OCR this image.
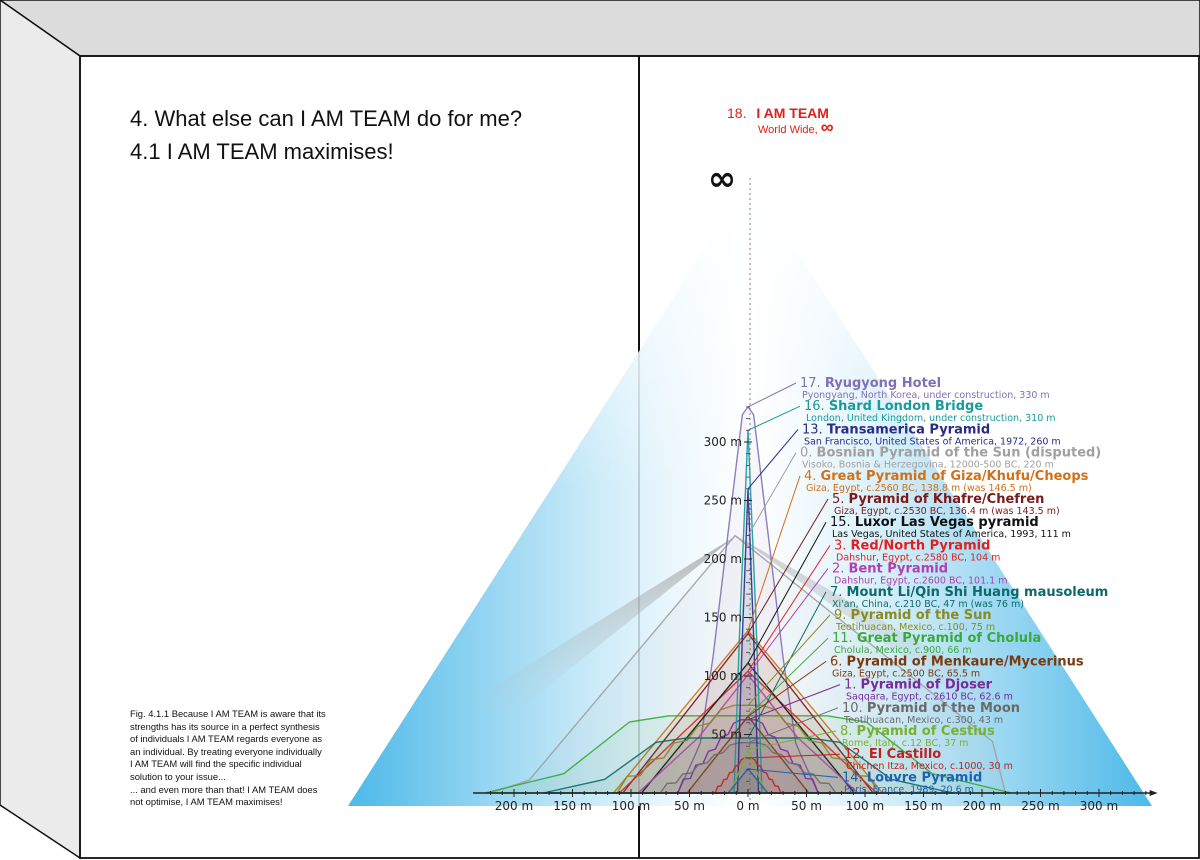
∞
200 m 150 m 100 m 50 m	0 m	50 m 100 m 150 m 200 m 250 m 300 m
50 m
100 m
150 m
200 m
250 m
300 m
17. Ryugyong Hotel
Pyongyang, North Korea, under construction, 330 m
16. Shard London Bridge
London, United Kingdom, under construction, 310 m
13. Transamerica Pyramid
San Francisco, United States of America, 1972, 260 m
0. Bosnian Pyramid of the Sun (disputed)
Visoko, Bosnia & Herzegovina, 12000-500 BC, 220 m
4. Great Pyramid of Giza/Khufu/Cheops
Giza, Egypt, c.2560 BC, 138.8 m (was 146.5 m)
5. Pyramid of Khafre/Chefren
Giza, Egypt, c.2530 BC, 136.4 m (was 143.5 m)
15. Luxor Las Vegas pyramid
Las Vegas, United States of America, 1993, 111 m
3. Red/North Pyramid
Dahshur, Egypt, c.2580 BC, 104 m
2. Bent Pyramid
Dahshur, Egypt, c.2600 BC, 101.1 m
7. Mount Li/Qin Shi Huang mausoleum
Xi'an, China, c.210 BC, 47 m (was 76 m)
9. Pyramid of the Sun
Teotihuacan, Mexico, c.100, 75 m
11. Great Pyramid of Cholula
Cholula, Mexico, c.900, 66 m
6. Pyramid of Menkaure/Mycerinus
Giza, Egypt, c.2500 BC, 65.5 m
1. Pyramid of Djoser
Saqqara, Egypt, c.2610 BC, 62.6 m
10. Pyramid of the Moon
Teotihuacan, Mexico, c.300, 43 m
8. Pyramid of Cestius
Rome, Italy, c.12 BC, 37 m
12. El Castillo
Chichen Itza, Mexico, c.1000, 30 m
14. Louvre Pyramid
Paris, France, 1989, 20.6 m
18. I AM TEAM
World Wide, ∞
4. What else can I AM TEAM do for me?
4.1 I AM TEAM maximises!
Fig. 4.1.1 Because I AM TEAM is aware that its
strengths has its source in a perfect synthesis
of individuals I AM TEAM regards everyone as
an individual. By treating everyone individually
I AM TEAM will find the specific individual
solution to your issue...
... and even more than that! I AM TEAM does
not optimise, I AM TEAM maximises!
